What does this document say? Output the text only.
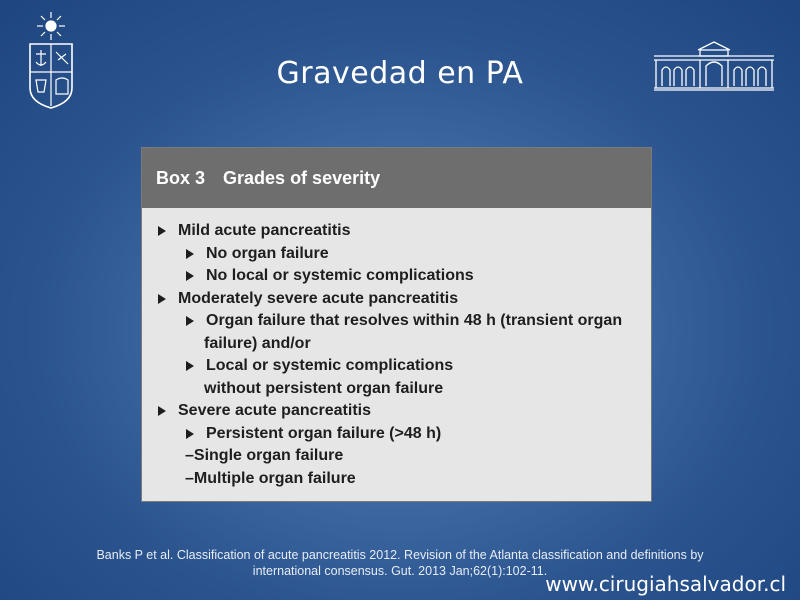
Gravedad en PA
Box 3 Grades of severity
Mild acute pancreatitis
No organ failure
No local or systemic complications
Moderately severe acute pancreatitis
Organ failure that resolves within 48 h (transient organ
failure) and/or
Local or systemic complications
without persistent organ failure
Severe acute pancreatitis
Persistent organ failure (>48 h)
–Single organ failure
–Multiple organ failure
Banks P et al. Classification of acute pancreatitis 2012. Revision of the Atlanta classification and definitions by
international consensus. Gut. 2013 Jan;62(1):102-11.
www.cirugiahsalvador.cl
